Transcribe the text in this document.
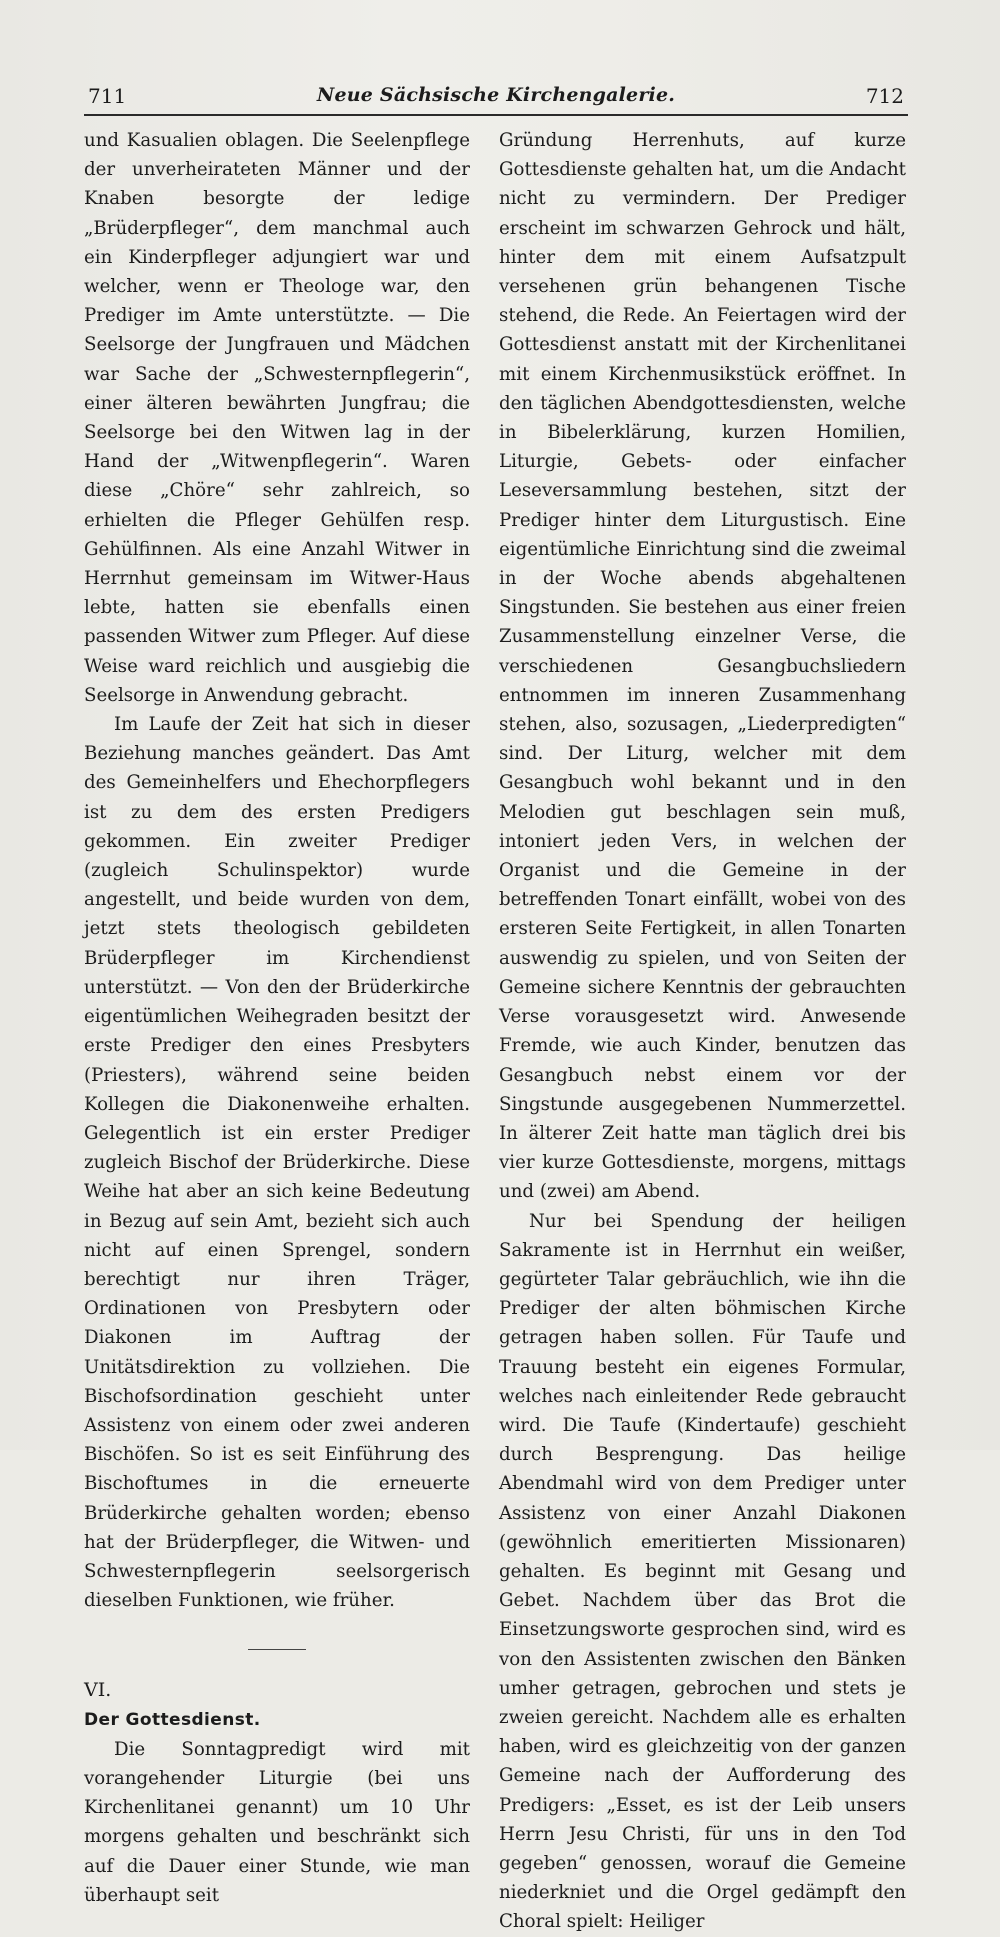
711	Neue Sächsische Kirchengalerie.	712

und Kasualien oblagen. Die Seelenpflege der unverheirateten Männer und der Knaben besorgte der ledige „Brüderpfleger“, dem manchmal auch ein Kinderpfleger adjungiert war und welcher, wenn er Theologe war, den Prediger im Amte unterstützte. — Die Seelsorge der Jungfrauen und Mädchen war Sache der „Schwesternpflegerin“, einer älteren bewährten Jungfrau; die Seelsorge bei den Witwen lag in der Hand der „Witwenpflegerin“. Waren diese „Chöre“ sehr zahlreich, so erhielten die Pfleger Gehülfen resp. Gehülfinnen. Als eine Anzahl Witwer in Herrnhut gemeinsam im Witwer-Haus lebte, hatten sie ebenfalls einen passenden Witwer zum Pfleger. Auf diese Weise ward reichlich und ausgiebig die Seelsorge in Anwendung gebracht.

Im Laufe der Zeit hat sich in dieser Beziehung manches geändert. Das Amt des Gemeinhelfers und Ehechorpflegers ist zu dem des ersten Predigers gekommen. Ein zweiter Prediger (zugleich Schulinspektor) wurde angestellt, und beide wurden von dem, jetzt stets theologisch gebildeten Brüderpfleger im Kirchendienst unterstützt. — Von den der Brüderkirche eigentümlichen Weihegraden besitzt der erste Prediger den eines Presbyters (Priesters), während seine beiden Kollegen die Diakonenweihe erhalten. Gelegentlich ist ein erster Prediger zugleich Bischof der Brüderkirche. Diese Weihe hat aber an sich keine Bedeutung in Bezug auf sein Amt, bezieht sich auch nicht auf einen Sprengel, sondern berechtigt nur ihren Träger, Ordinationen von Presbytern oder Diakonen im Auftrag der Unitätsdirektion zu vollziehen. Die Bischofsordination geschieht unter Assistenz von einem oder zwei anderen Bischöfen. So ist es seit Einführung des Bischoftumes in die erneuerte Brüderkirche gehalten worden; ebenso hat der Brüderpfleger, die Witwen- und Schwesternpflegerin seelsorgerisch dieselben Funktionen, wie früher.

VI.

Der Gottesdienst.

Die Sonntagpredigt wird mit vorangehender Liturgie (bei uns Kirchenlitanei genannt) um 10 Uhr morgens gehalten und beschränkt sich auf die Dauer einer Stunde, wie man überhaupt seit

Gründung Herrenhuts, auf kurze Gottesdienste gehalten hat, um die Andacht nicht zu vermindern. Der Prediger erscheint im schwarzen Gehrock und hält, hinter dem mit einem Aufsatzpult versehenen grün behangenen Tische stehend, die Rede. An Feiertagen wird der Gottesdienst anstatt mit der Kirchenlitanei mit einem Kirchenmusikstück eröffnet. In den täglichen Abendgottesdiensten, welche in Bibelerklärung, kurzen Homilien, Liturgie, Gebets- oder einfacher Leseversammlung bestehen, sitzt der Prediger hinter dem Liturgustisch. Eine eigentümliche Einrichtung sind die zweimal in der Woche abends abgehaltenen Singstunden. Sie bestehen aus einer freien Zusammenstellung einzelner Verse, die verschiedenen Gesangbuchsliedern entnommen im inneren Zusammenhang stehen, also, sozusagen, „Liederpredigten“ sind. Der Liturg, welcher mit dem Gesangbuch wohl bekannt und in den Melodien gut beschlagen sein muß, intoniert jeden Vers, in welchen der Organist und die Gemeine in der betreffenden Tonart einfällt, wobei von des ersteren Seite Fertigkeit, in allen Tonarten auswendig zu spielen, und von Seiten der Gemeine sichere Kenntnis der gebrauchten Verse vorausgesetzt wird. Anwesende Fremde, wie auch Kinder, benutzen das Gesangbuch nebst einem vor der Singstunde ausgegebenen Nummerzettel. In älterer Zeit hatte man täglich drei bis vier kurze Gottesdienste, morgens, mittags und (zwei) am Abend.

Nur bei Spendung der heiligen Sakramente ist in Herrnhut ein weißer, gegürteter Talar gebräuchlich, wie ihn die Prediger der alten böhmischen Kirche getragen haben sollen. Für Taufe und Trauung besteht ein eigenes Formular, welches nach einleitender Rede gebraucht wird. Die Taufe (Kindertaufe) geschieht durch Besprengung. Das heilige Abendmahl wird von dem Prediger unter Assistenz von einer Anzahl Diakonen (gewöhnlich emeritierten Missionaren) gehalten. Es beginnt mit Gesang und Gebet. Nachdem über das Brot die Einsetzungsworte gesprochen sind, wird es von den Assistenten zwischen den Bänken umher getragen, gebrochen und stets je zweien gereicht. Nachdem alle es erhalten haben, wird es gleichzeitig von der ganzen Gemeine nach der Aufforderung des Predigers: „Esset, es ist der Leib unsers Herrn Jesu Christi, für uns in den Tod gegeben“ genossen, worauf die Gemeine niederkniet und die Orgel gedämpft den Choral spielt: Heiliger
